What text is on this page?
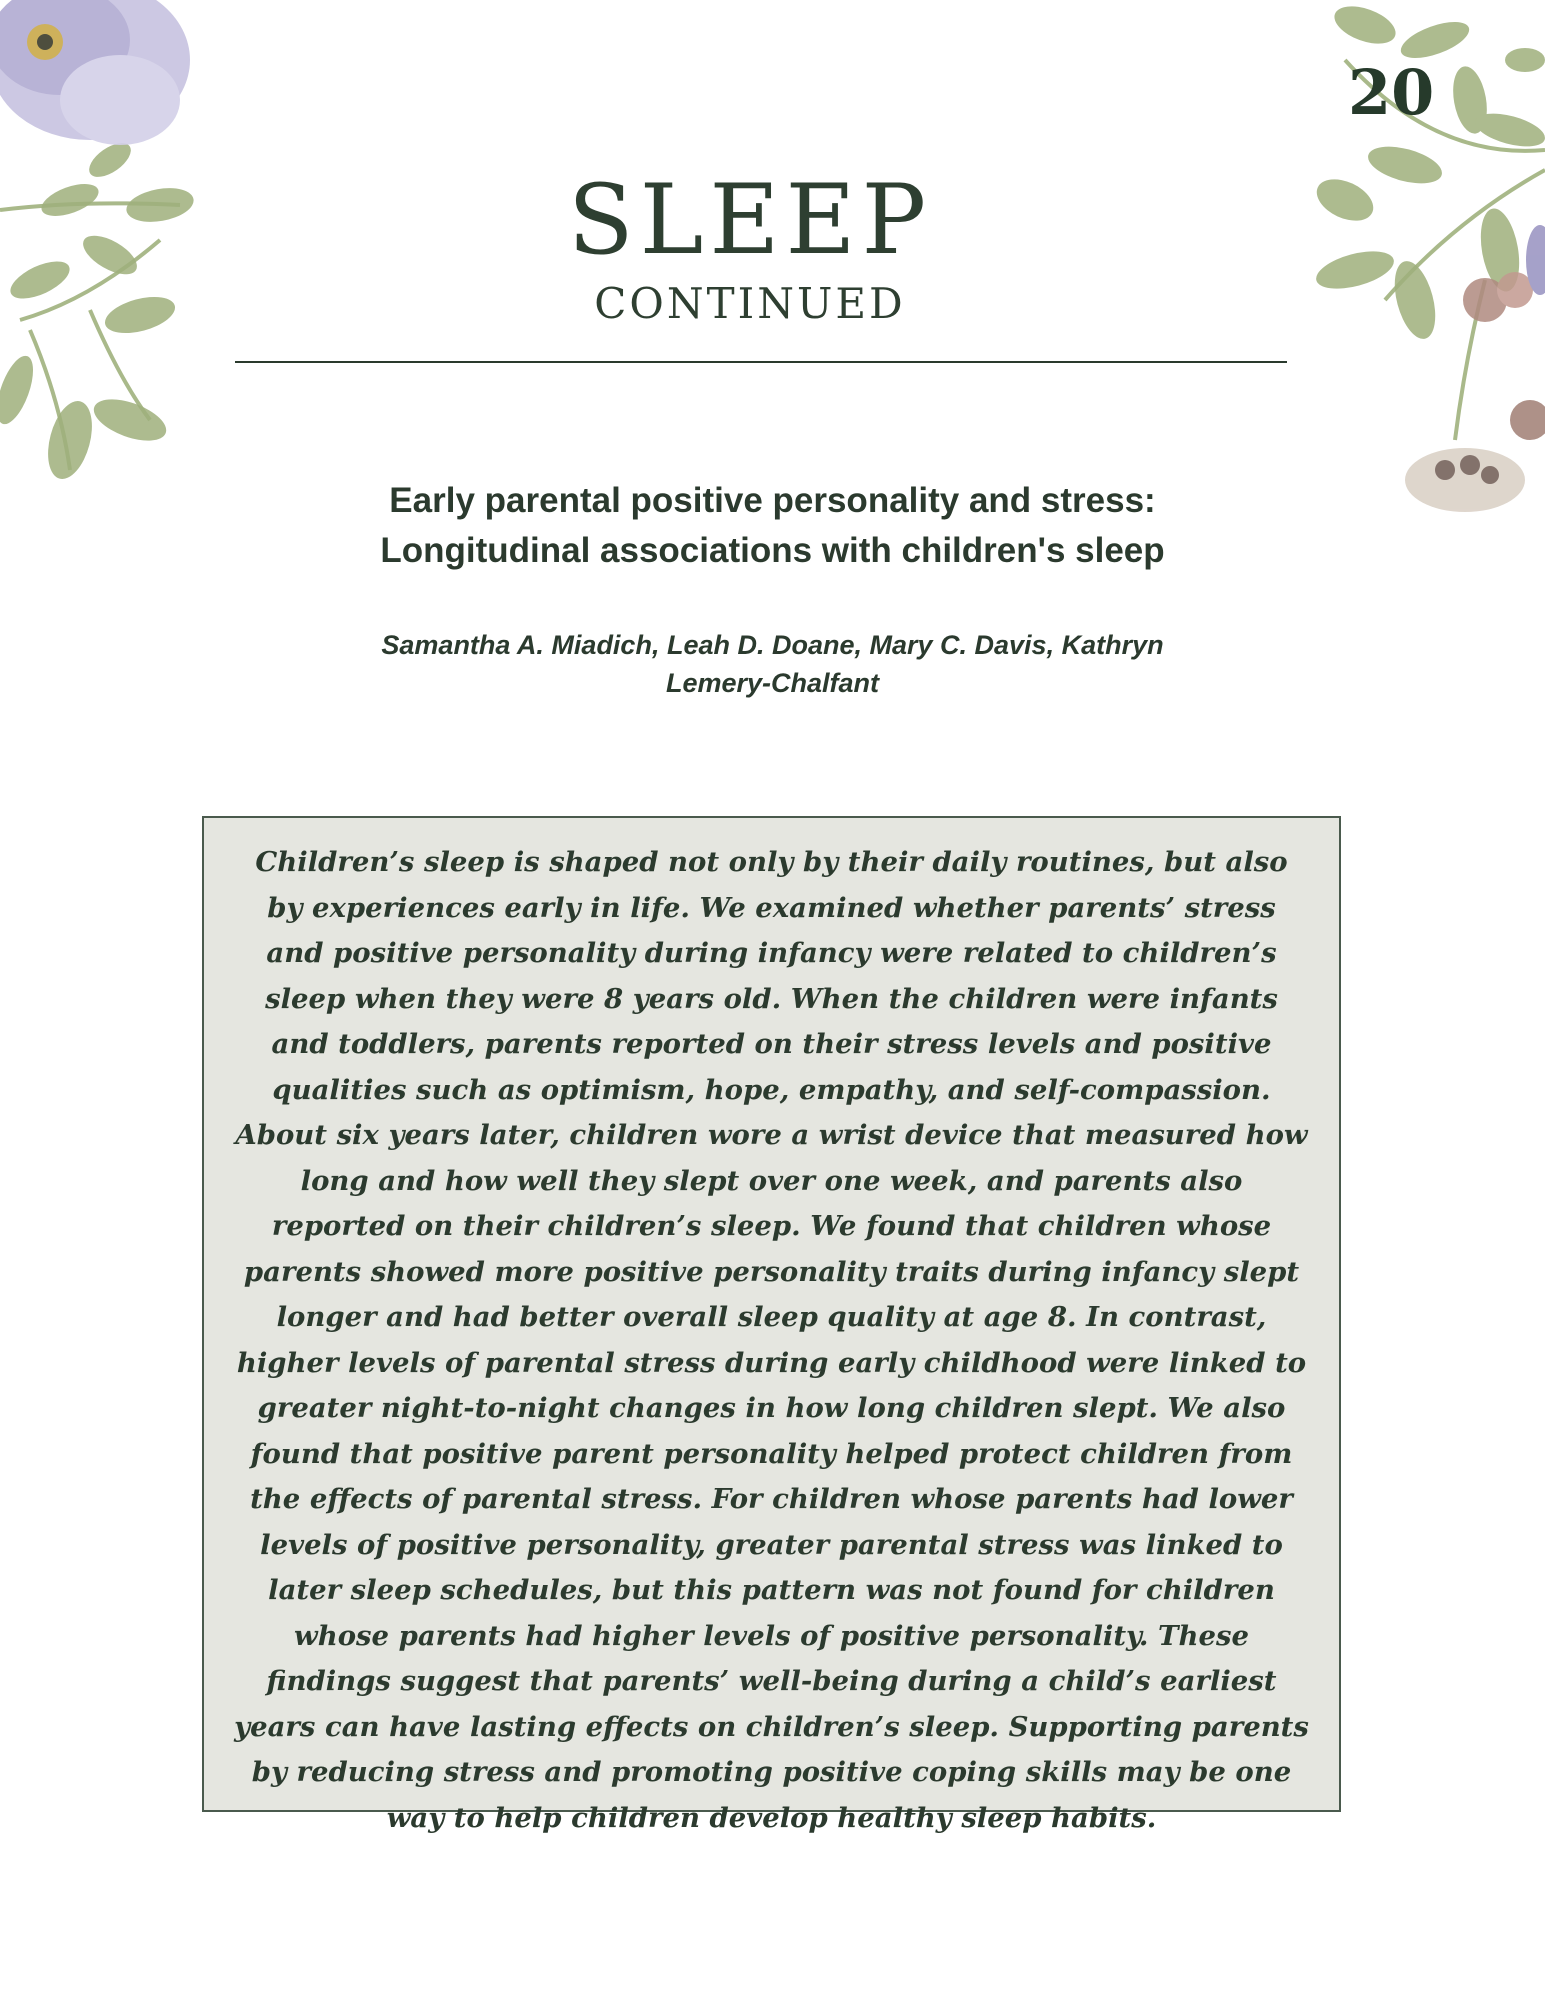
20
SLEEP
CONTINUED
Early parental positive personality and stress:
Longitudinal associations with children's sleep
Samantha A. Miadich, Leah D. Doane, Mary C. Davis, Kathryn
Lemery-Chalfant

Children’s sleep is shaped not only by their daily routines, but also by experiences early in life. We examined whether parents’ stress and positive personality during infancy were related to children’s sleep when they were 8 years old. When the children were infants and toddlers, parents reported on their stress levels and positive qualities such as optimism, hope, empathy, and self-compassion. About six years later, children wore a wrist device that measured how long and how well they slept over one week, and parents also reported on their children’s sleep. We found that children whose parents showed more positive personality traits during infancy slept longer and had better overall sleep quality at age 8. In contrast, higher levels of parental stress during early childhood were linked to greater night-to-night changes in how long children slept. We also found that positive parent personality helped protect children from the effects of parental stress. For children whose parents had lower levels of positive personality, greater parental stress was linked to later sleep schedules, but this pattern was not found for children whose parents had higher levels of positive personality. These findings suggest that parents’ well-being during a child’s earliest years can have lasting effects on children’s sleep. Supporting parents by reducing stress and promoting positive coping skills may be one way to help children develop healthy sleep habits.
